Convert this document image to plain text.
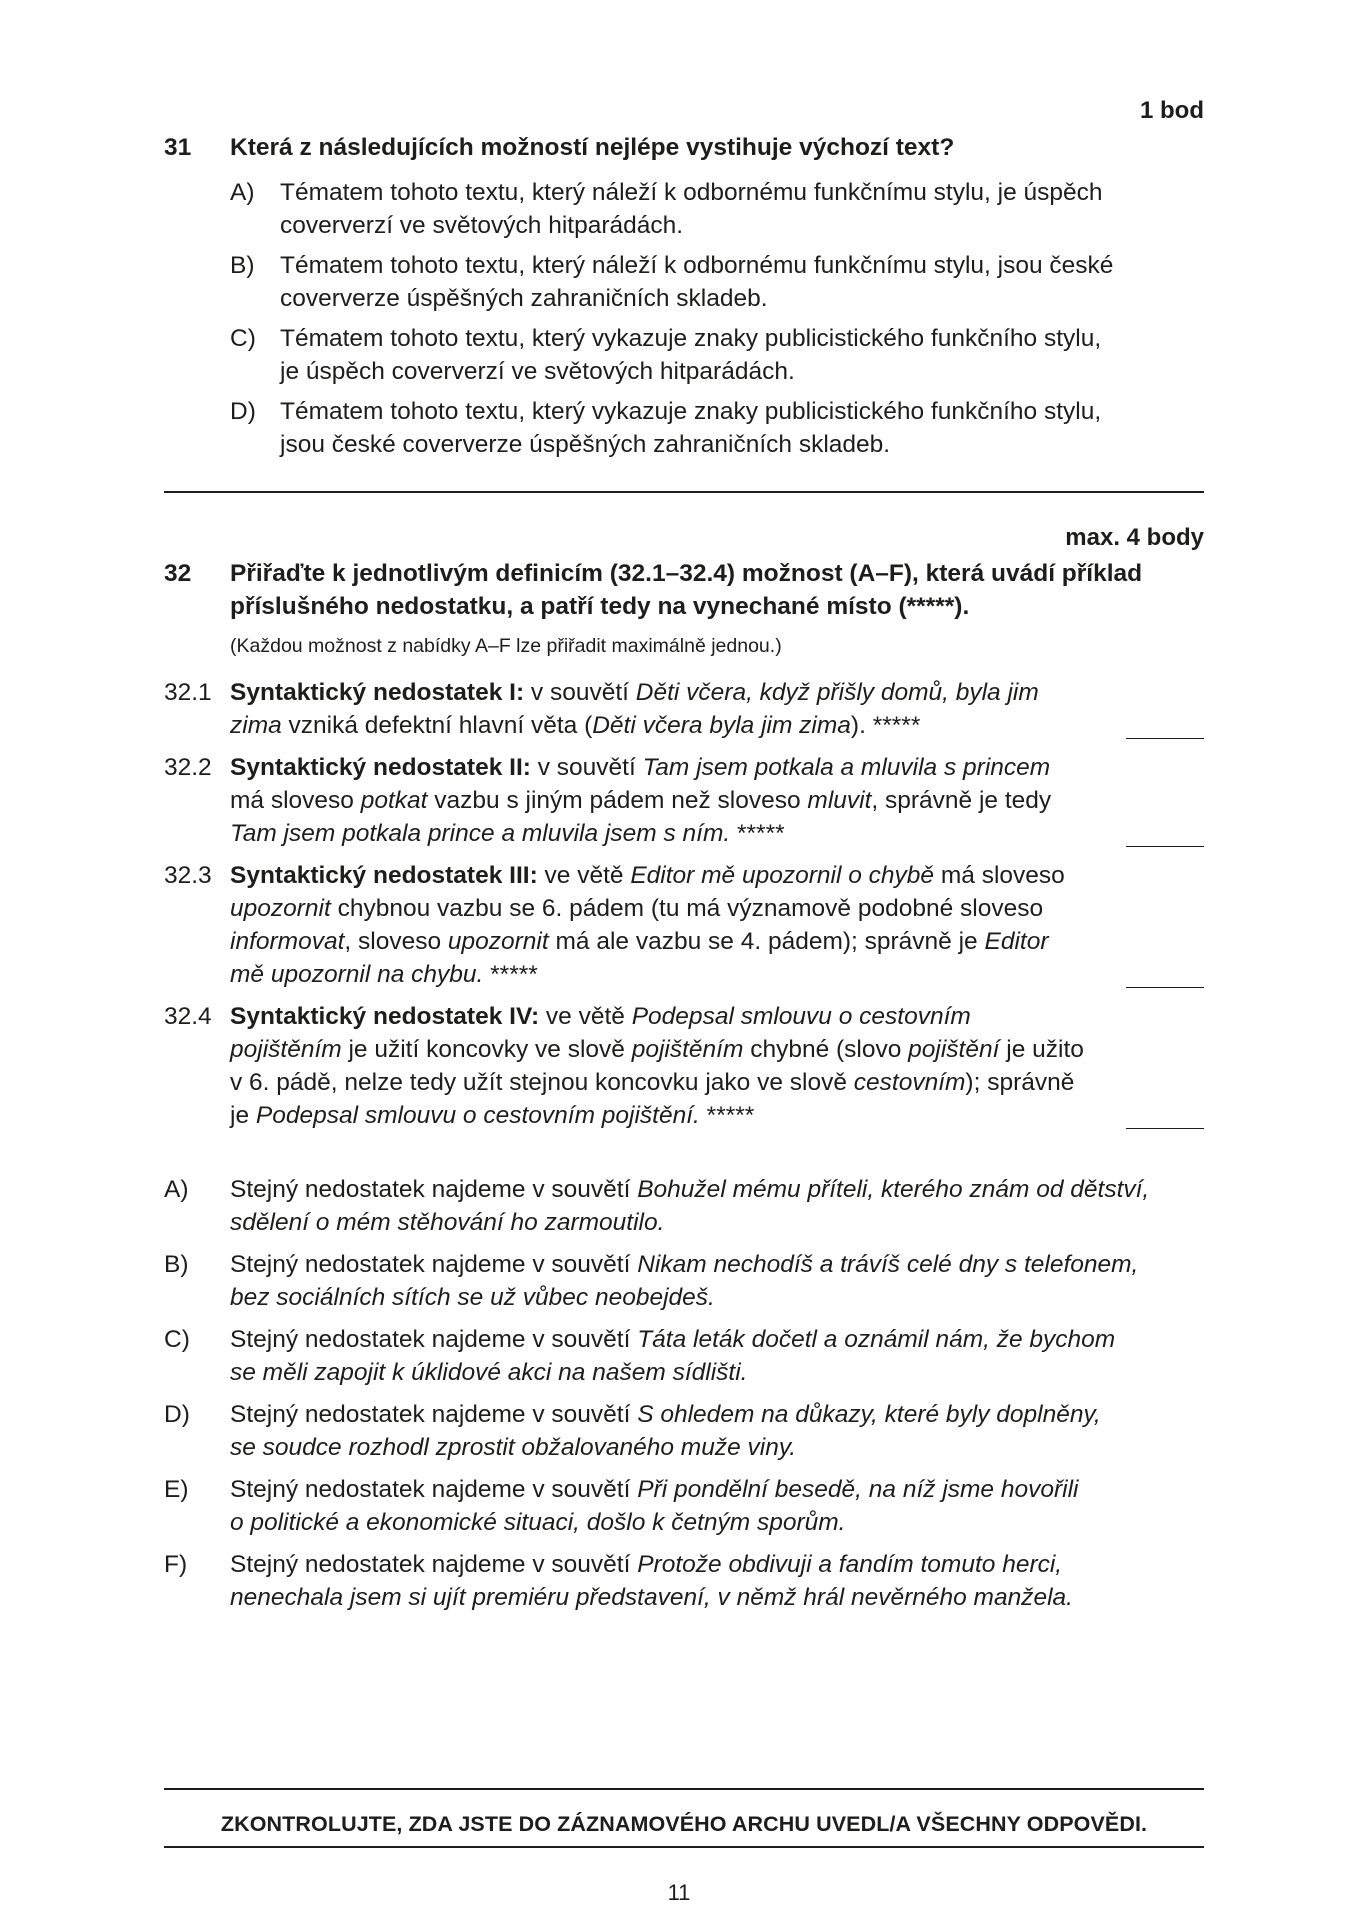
1 bod
31 Která z následujících možností nejlépe vystihuje výchozí text?
A) Tématem tohoto textu, který náleží k odbornému funkčnímu stylu, je úspěch
coververzí ve světových hitparádách.
B) Tématem tohoto textu, který náleží k odbornému funkčnímu stylu, jsou české
coververze úspěšných zahraničních skladeb.
C) Tématem tohoto textu, který vykazuje znaky publicistického funkčního stylu,
je úspěch coververzí ve světových hitparádách.
D) Tématem tohoto textu, který vykazuje znaky publicistického funkčního stylu,
jsou české coververze úspěšných zahraničních skladeb.
max. 4 body
32 Přiřaďte k jednotlivým definicím (32.1–32.4) možnost (A–F), která uvádí příklad
příslušného nedostatku, a patří tedy na vynechané místo (*****).
(Každou možnost z nabídky A–F lze přiřadit maximálně jednou.)
32.1 Syntaktický nedostatek I: v souvětí Děti včera, když přišly domů, byla jim zima vzniká defektní hlavní věta (Děti včera byla jim zima). *****
32.2 Syntaktický nedostatek II: v souvětí Tam jsem potkala a mluvila s princem má sloveso potkat vazbu s jiným pádem než sloveso mluvit, správně je tedy Tam jsem potkala prince a mluvila jsem s ním. *****
32.3 Syntaktický nedostatek III: ve větě Editor mě upozornil o chybě má sloveso upozornit chybnou vazbu se 6. pádem (tu má významově podobné sloveso informovat, sloveso upozornit má ale vazbu se 4. pádem); správně je Editor mě upozornil na chybu. *****
32.4 Syntaktický nedostatek IV: ve větě Podepsal smlouvu o cestovním pojištěním je užití koncovky ve slově pojištěním chybné (slovo pojištění je užito v 6. pádě, nelze tedy užít stejnou koncovku jako ve slově cestovním); správně je Podepsal smlouvu o cestovním pojištění. *****
A) Stejný nedostatek najdeme v souvětí Bohužel mému příteli, kterého znám od dětství,
sdělení o mém stěhování ho zarmoutilo.
B) Stejný nedostatek najdeme v souvětí Nikam nechodíš a trávíš celé dny s telefonem,
bez sociálních sítích se už vůbec neobejdeš.
C) Stejný nedostatek najdeme v souvětí Táta leták dočetl a oznámil nám, že bychom
se měli zapojit k úklidové akci na našem sídlišti.
D) Stejný nedostatek najdeme v souvětí S ohledem na důkazy, které byly doplněny,
se soudce rozhodl zprostit obžalovaného muže viny.
E) Stejný nedostatek najdeme v souvětí Při pondělní besedě, na níž jsme hovořili
o politické a ekonomické situaci, došlo k četným sporům.
F) Stejný nedostatek najdeme v souvětí Protože obdivuji a fandím tomuto herci,
nenechala jsem si ujít premiéru představení, v němž hrál nevěrného manžela.
ZKONTROLUJTE, ZDA JSTE DO ZÁZNAMOVÉHO ARCHU UVEDL/A VŠECHNY ODPOVĚDI.
11
